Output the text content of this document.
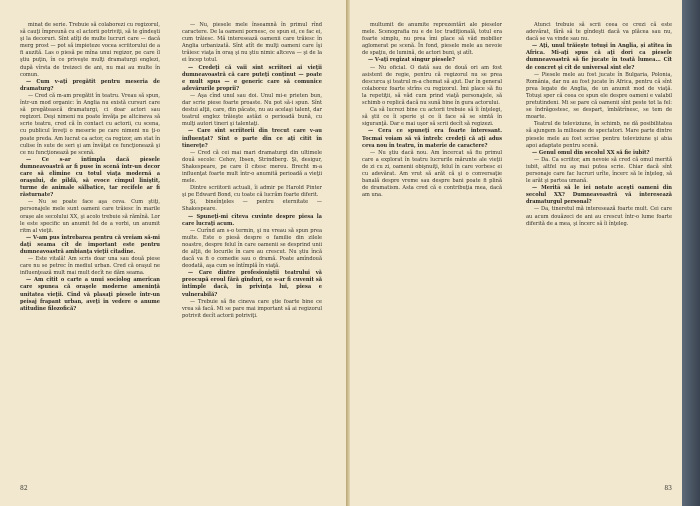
minat de serie. Trebuie să colaborezi cu regizorul, să cauţi împreună cu el actorii potriviţi, să te gîndeşti şi la decoruri. Sînt atîţi de multe lucruri care — dacă merg prost — pot să impieteze vocea scriitorului de a fi auzită. Las o piesă pe mîna unui regizor, pe care îl ştiu puţin, în ce priveşte mulţi dramaturgi englezi, după vîrsta de treizeci de ani, nu mai au multe în comun.

— Cum v-aţi pregătit pentru meseria de dramaturg?

— Cred că m-am pregătit în teatru. Vreau să spun, într-un mod organic: în Anglia nu există cursuri care să pregătească dramaturgi, ci doar actori sau regizori. Deşi nimeni nu poate învăţa pe altcineva să scrie teatru, cred că în contact cu actorii, cu scena, cu publicul înveţi o meserie pe care nimeni nu ţi-o poate preda. Am lucrat ca actor, ca regizor, am stat în culise în sute de seri şi am învăţat ce funcţionează şi ce nu funcţionează pe scenă.

— Ce s-ar întîmpla dacă piesele dumneavoastră ar fi puse în scenă într-un decor care să elimine cu totul viaţa modernă a oraşului, de pildă, să evoce cîmpul liniştit, turme de animale sălbatice, tar recifele ar fi răsturnate?

— Nu se poate face aşa ceva. Cum ştiţi, personajele mele sunt oameni care trăiesc în marile orașe ale secolului XX, şi acolo trebuie să rămînă. Lor le este specific un anumit fel de a vorbi, un anumit ritm al vieţii.

— V-am pus întrebarea pentru că vreiam să-mi daţi seama cît de important este pentru dumneavoastră ambianţa vieţii citadine.

— Este vitală! Am scris doar una sau două piese care nu se petrec în mediul urban. Cred că oraşul ne influenţează mult mai mult decît ne dăm seama.

— Am citit o carte a unui sociolog american care spunea că oraşele moderne amenință unitatea vieţii. Cînd vă plasaţi piesele într-un peisaj frapant urban, aveţi în vedere o anume atitudine filozofică?

— Nu, piesele mele înseamnă în primul rînd caractere. De la oameni pornesc, ce spun ei, ce fac ei, cum trăiesc. Mă interesează oamenii care trăiesc în Anglia urbanizată. Sînt atît de mulţi oameni care îşi trăiesc viaţa în oraş şi nu ştiu nimic altceva — şi de la ei încep totul.

— Credeţi că vaii sint scriitori ai vieţii dumneavoastră că care puteţi conținut — poate e mult spus — e generic care să comunice adevărurile proprii?

— Aşa cînd unul sau doi. Unul mi-e prieten bun, dar scrie piese foarte proaste. Nu pot să-i spun. Sînt destui alţii, care, din păcate, nu au acelaşi talent, dar teatrul englez trăieşte astăzi o perioadă bună, cu mulţi autori tineri şi talentaţi.

— Care sînt scriitorii din trecut care v-au influenţat? Sînt o parte din ce aţi citit în tinereţe?

— Cred că cei mai mari dramaturgi din ultimele două secole: Cehov, Ibsen, Strindberg. Şi, desigur, Shakespeare, pe care îl citesc mereu. Brecht m-a influenţat foarte mult într-o anumită perioadă a vieţii mele.

Dintre scriitorii actuali, îi admir pe Harold Pinter şi pe Edward Bond, cu toate că lucrăm foarte diferit.

Şi, bineînţeles — pentru eternitate — Shakespeare.

— Spuneţi-mi cîteva cuvinte despre piesa la care lucraţi acum.

— Curînd am s-o termin, şi nu vreau să spun prea multe. Este o piesă despre o familie din zilele noastre, despre felul în care oamenii se desprind unii de alţii, de locurile în care au crescut. Nu ştiu încă dacă va fi o comedie sau o dramă. Poate amîndouă deodată, aşa cum se întîmplă în viaţă.

— Care dintre profesioniştii teatrului vă preocupă eroul fără gînduri, ce s-ar fi cuvenit să întîmple dacă, în privinţa lui, piesa e vulnerabilă?

— Trebuie să fie cineva care ştie foarte bine ce vrea să facă. Mi se pare mai important să ai regizorul potrivit decît actorii potriviţi.

82

multumit de anumite reprezentări ale pieselor mele. Scenografia nu e de loc tradiţională, totul era foarte simplu, nu prea îmi place să văd mobilier aglomerat pe scenă. În fond, piesele mele au nevoie de spaţiu, de lumină, de actori buni, şi atît.

— V-aţi regizat singur piesele?

— Nu oficial. O dată sau de două ori am fost asistent de regie, pentru că regizorul nu se prea descurca şi teatrul m-a chemat să ajut. Dar în general colaborez foarte strîns cu regizorul. Îmi place să fiu la repetiţii, să văd cum prind viaţă personajele, să schimb o replică dacă nu sună bine în gura actorului.

Ca să lucrezi bine cu actorii trebuie să îi înţelegi, să ştii ce îi sperie şi ce îi face să se simtă în siguranţă. Dar e mai uşor să scrii decît să regizezi.

— Cera ce spuneţi era foarte interesant. Tocmai voiam să vă întreb: credeţi că aţi adus ceva nou în teatru, în materie de caractere?

— Nu ştiu dacă nou. Am încercat să fiu primul care a explorat în teatru lucrurile mărunte ale vieţii de zi cu zi, oamenii obişnuiţi, felul în care vorbesc ei cu adevărat. Am vrut să arăt că şi o conversaţie banală despre vreme sau despre bani poate fi plină de dramatism. Asta cred că e contribuţia mea, dacă am una.

Atunci trebuie să scrii ceea ce crezi că este adevărat, fără să te gîndeşti dacă va plăcea sau nu, dacă se va vinde sau nu.

— Aţi, unul trăiește totuşi în Anglia, și atîtea în Africa. Mi-aţi spus că aţi dori ca piesele dumneavoastră să fie jucate în toată lumea... Cît de concret şi cît de universal sînt ele?

— Piesele mele au fost jucate în Bulgaria, Polonia, România, dar nu au fost jucate în Africa, pentru că sînt prea legate de Anglia, de un anumit mod de viaţă. Totuşi sper că ceea ce spun ele despre oameni e valabil pretutindeni. Mi se pare că oamenii sînt peste tot la fel: se îndrăgostesc, se despart, îmbătrînesc, se tem de moarte.

Teatrul de televiziune, în schimb, ne dă posibilitatea să ajungem la milioane de spectatori. Mare parte dintre piesele mele au fost scrise pentru televiziune şi abia apoi adaptate pentru scenă.

— Genul omul din secolul XX să fie iubit?

— Da. Ca scriitor, am nevoie să cred că omul merită iubit, altfel nu aş mai putea scrie. Chiar dacă sînt personaje care fac lucruri urîte, încerc să le înţeleg, să le arăt şi partea umană.

— Meritä să le iei notate aceşti oameni din secolul XX? Dumneavoastră vă interesează dramaturgul personal?

— Da, tineretul mă interesează foarte mult. Cei care au acum douăzeci de ani au crescut într-o lume foarte diferită de a mea, şi încerc să îi înţeleg.

83
